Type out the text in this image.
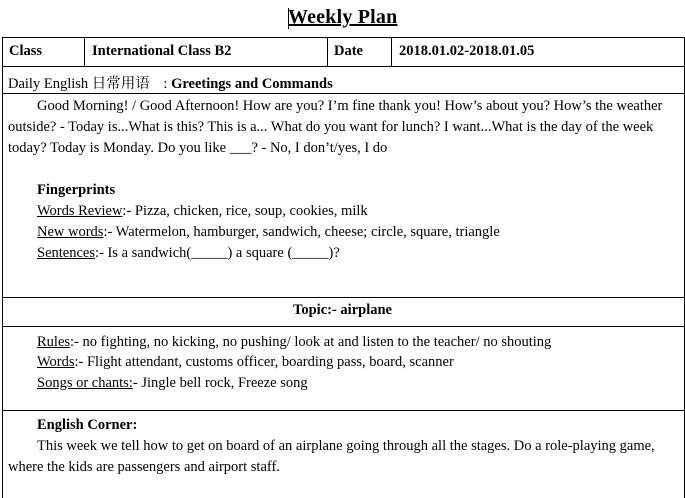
Weekly Plan
Class	International Class B2	Date 2018.01.02-2018.01.05
Daily English 日常用语 : Greetings and Commands
Good Morning! / Good Afternoon! How are you? I’m fine thank you! How’s about you? How’s the weather outside? - Today is...What is this? This is a... What do you want for lunch? I want...What is the day of the week today? Today is Monday. Do you like ___? - No, I don’t/yes, I do
Fingerprints
Words Review:- Pizza, chicken, rice, soup, cookies, milk
New words:- Watermelon, hamburger, sandwich, cheese; circle, square, triangle
Sentences:- Is a sandwich(_____) a square (_____)?
Topic:- airplane
Rules:- no fighting, no kicking, no pushing/ look at and listen to the teacher/ no shouting
Words:- Flight attendant, customs officer, boarding pass, board, scanner
Songs or chants:- Jingle bell rock, Freeze song
English Corner:
This week we tell how to get on board of an airplane going through all the stages. Do a role-playing game, where the kids are passengers and airport staff.
